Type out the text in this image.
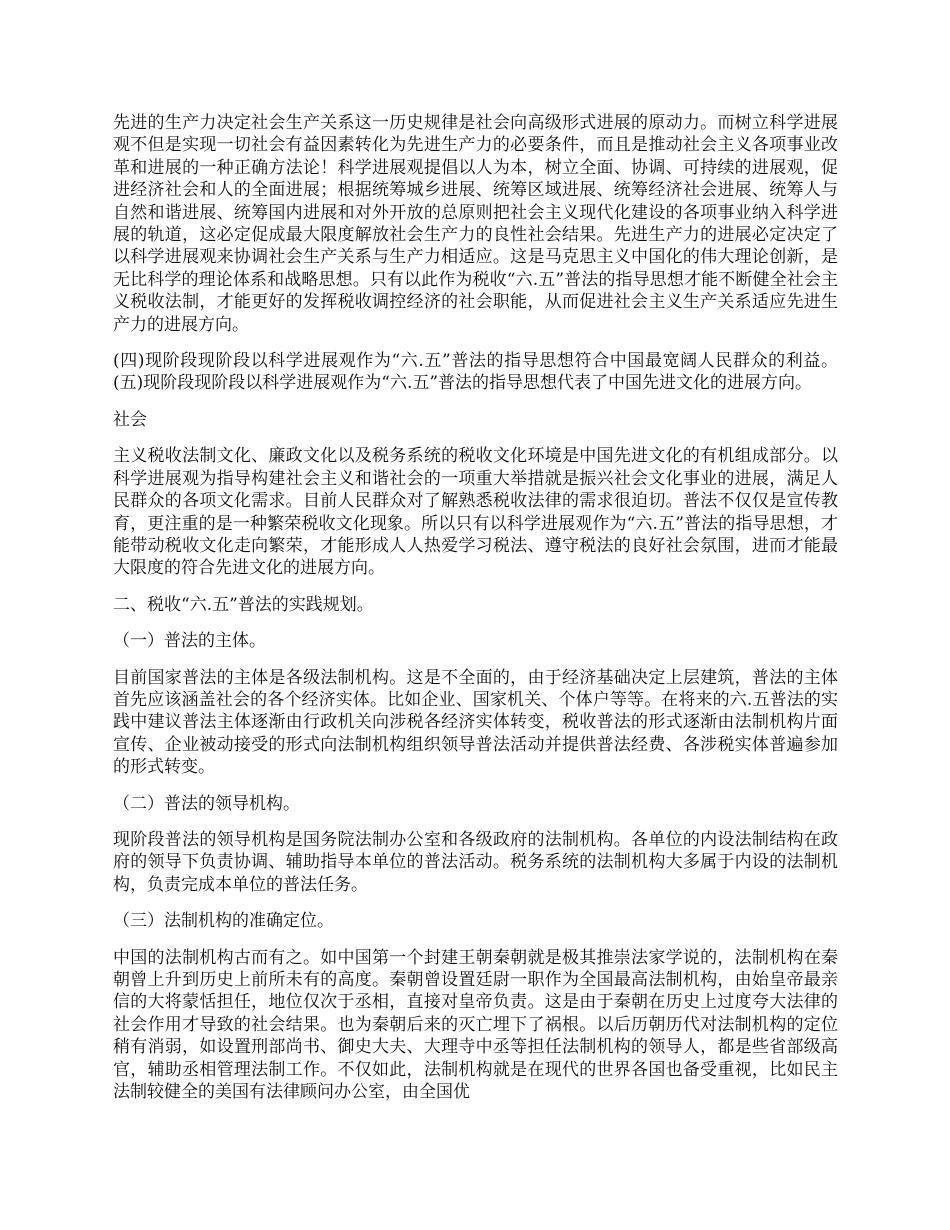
先进的生产力决定社会生产关系这一历史规律是社会向高级形式进展的原动力。而树立科学进展观不但是实现一切社会有益因素转化为先进生产力的必要条件，而且是推动社会主义各项事业改革和进展的一种正确方法论！科学进展观提倡以人为本，树立全面、协调、可持续的进展观，促进经济社会和人的全面进展；根据统筹城乡进展、统筹区域进展、统筹经济社会进展、统筹人与自然和谐进展、统筹国内进展和对外开放的总原则把社会主义现代化建设的各项事业纳入科学进展的轨道，这必定促成最大限度解放社会生产力的良性社会结果。先进生产力的进展必定决定了以科学进展观来协调社会生产关系与生产力相适应。这是马克思主义中国化的伟大理论创新，是无比科学的理论体系和战略思想。只有以此作为税收“六.五”普法的指导思想才能不断健全社会主义税收法制，才能更好的发挥税收调控经济的社会职能，从而促进社会主义生产关系适应先进生产力的进展方向。

(四)现阶段现阶段以科学进展观作为“六.五”普法的指导思想符合中国最宽阔人民群众的利益。(五)现阶段现阶段以科学进展观作为“六.五”普法的指导思想代表了中国先进文化的进展方向。

社会

主义税收法制文化、廉政文化以及税务系统的税收文化环境是中国先进文化的有机组成部分。以科学进展观为指导构建社会主义和谐社会的一项重大举措就是振兴社会文化事业的进展，满足人民群众的各项文化需求。目前人民群众对了解熟悉税收法律的需求很迫切。普法不仅仅是宣传教育，更注重的是一种繁荣税收文化现象。所以只有以科学进展观作为“六.五”普法的指导思想，才能带动税收文化走向繁荣，才能形成人人热爱学习税法、遵守税法的良好社会氛围，进而才能最大限度的符合先进文化的进展方向。

二、税收“六.五”普法的实践规划。

（一）普法的主体。

目前国家普法的主体是各级法制机构。这是不全面的，由于经济基础决定上层建筑，普法的主体首先应该涵盖社会的各个经济实体。比如企业、国家机关、个体户等等。在将来的六.五普法的实践中建议普法主体逐渐由行政机关向涉税各经济实体转变，税收普法的形式逐渐由法制机构片面宣传、企业被动接受的形式向法制机构组织领导普法活动并提供普法经费、各涉税实体普遍参加的形式转变。

（二）普法的领导机构。

现阶段普法的领导机构是国务院法制办公室和各级政府的法制机构。各单位的内设法制结构在政府的领导下负责协调、辅助指导本单位的普法活动。税务系统的法制机构大多属于内设的法制机构，负责完成本单位的普法任务。

（三）法制机构的准确定位。

中国的法制机构古而有之。如中国第一个封建王朝秦朝就是极其推崇法家学说的，法制机构在秦朝曾上升到历史上前所未有的高度。秦朝曾设置廷尉一职作为全国最高法制机构，由始皇帝最亲信的大将蒙恬担任，地位仅次于丞相，直接对皇帝负责。这是由于秦朝在历史上过度夸大法律的社会作用才导致的社会结果。也为秦朝后来的灭亡埋下了祸根。以后历朝历代对法制机构的定位稍有消弱，如设置刑部尚书、御史大夫、大理寺中丞等担任法制机构的领导人，都是些省部级高官，辅助丞相管理法制工作。不仅如此，法制机构就是在现代的世界各国也备受重视，比如民主法制较健全的美国有法律顾问办公室，由全国优
